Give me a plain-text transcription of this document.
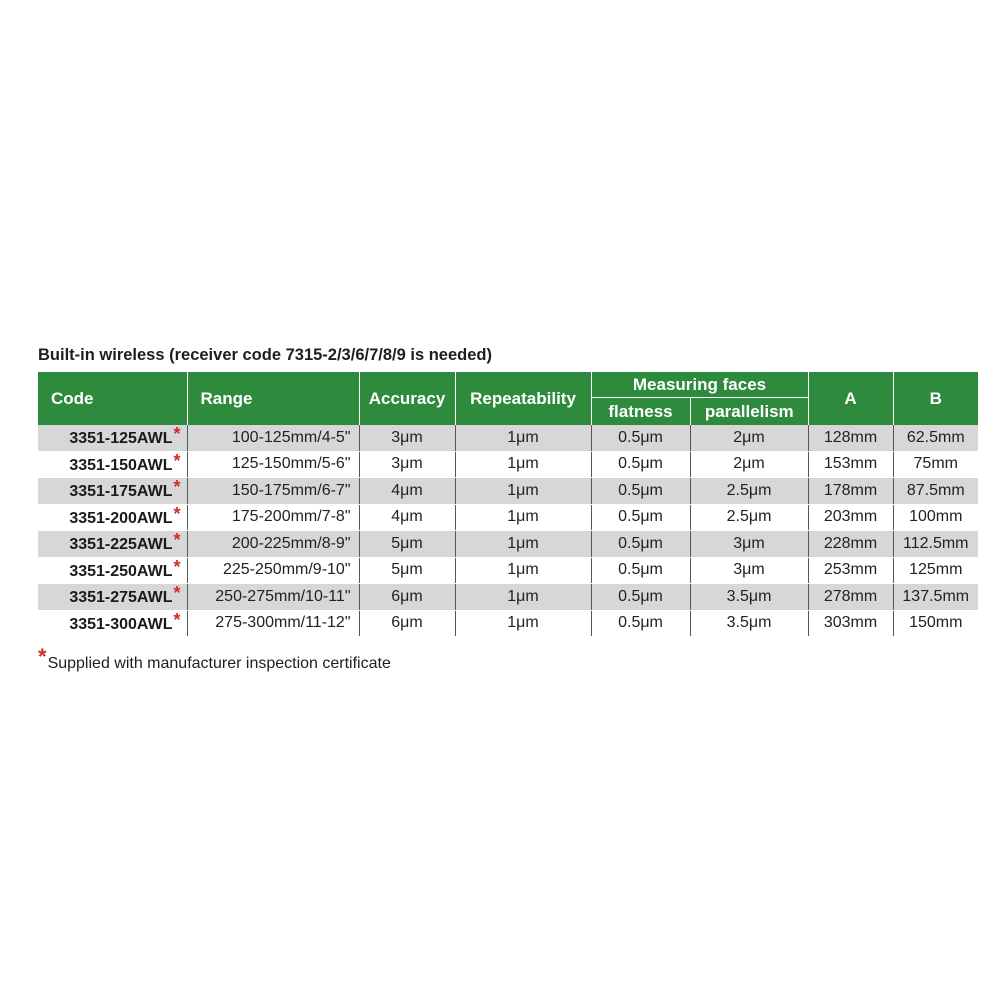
Built-in wireless (receiver code 7315-2/3/6/7/8/9 is needed)
Code	Range	Accuracy	Repeatability	Measuring faces		A	B
				flatness	parallelism		
3351-125AWL*	100-125mm/4-5"	3μm	1μm	0.5μm	2μm	128mm	62.5mm
3351-150AWL*	125-150mm/5-6"	3μm	1μm	0.5μm	2μm	153mm	75mm
3351-175AWL*	150-175mm/6-7"	4μm	1μm	0.5μm	2.5μm	178mm	87.5mm
3351-200AWL*	175-200mm/7-8"	4μm	1μm	0.5μm	2.5μm	203mm	100mm
3351-225AWL*	200-225mm/8-9"	5μm	1μm	0.5μm	3μm	228mm	112.5mm
3351-250AWL*	225-250mm/9-10"	5μm	1μm	0.5μm	3μm	253mm	125mm
3351-275AWL*	250-275mm/10-11"	6μm	1μm	0.5μm	3.5μm	278mm	137.5mm
3351-300AWL*	275-300mm/11-12"	6μm	1μm	0.5μm	3.5μm	303mm	150mm
*Supplied with manufacturer inspection certificate
